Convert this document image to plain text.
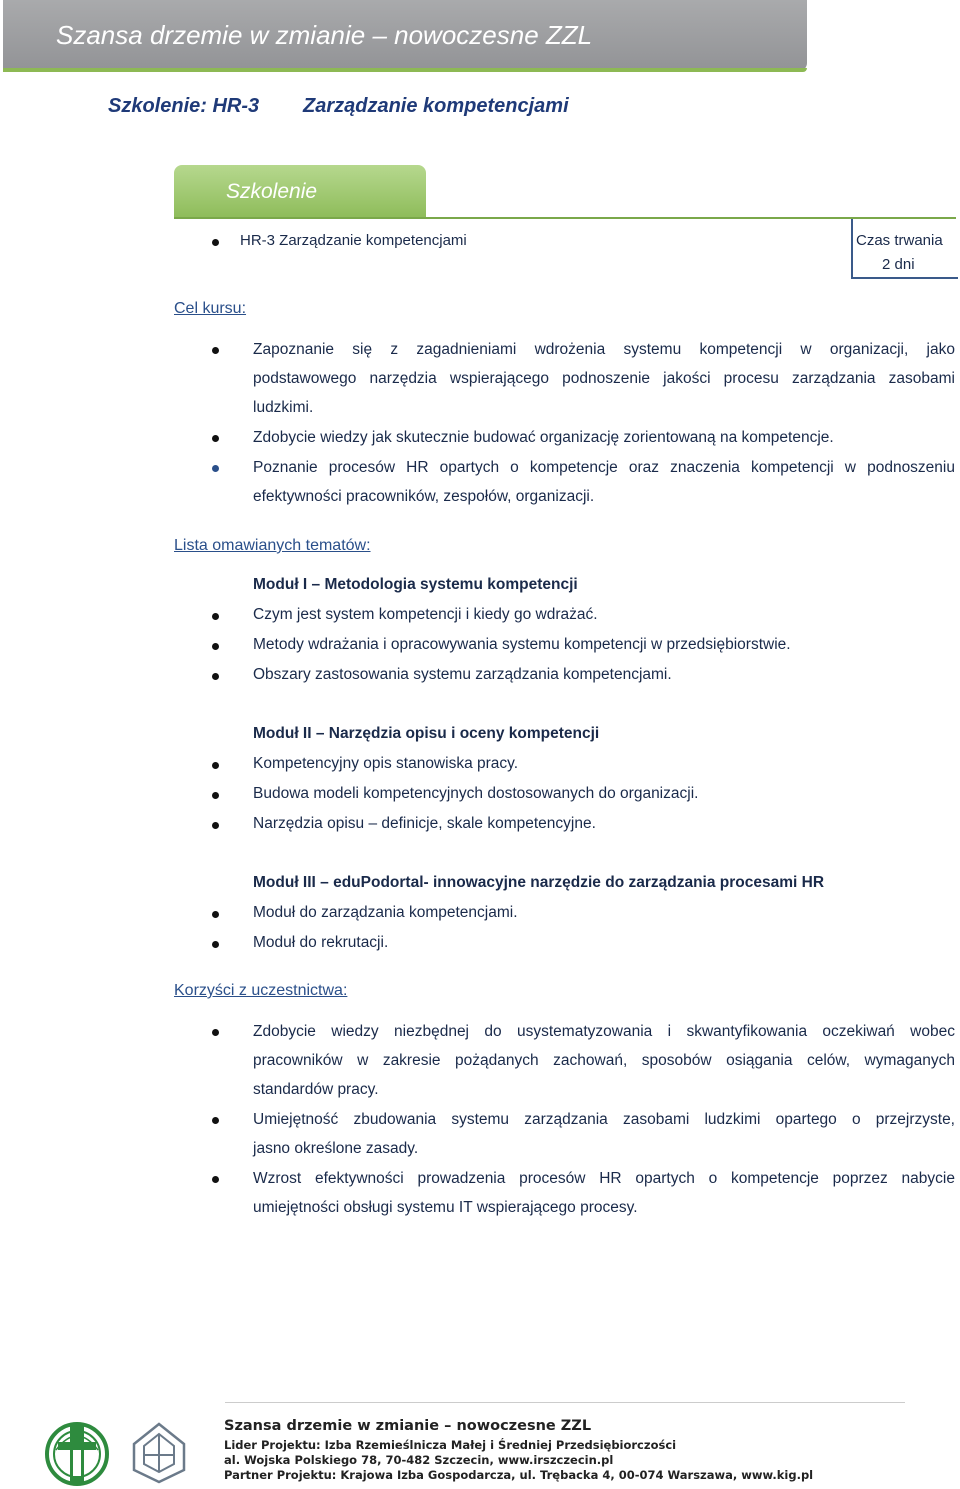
Szansa drzemie w zmianie – nowoczesne ZZL
Szkolenie: HR-3 Zarządzanie kompetencjami
Szkolenie
HR-3 Zarządzanie kompetencjami	Czas trwania
2 dni
Cel kursu:
Zapoznanie się z zagadnieniami wdrożenia systemu kompetencji w organizacji, jako
podstawowego narzędzia wspierającego podnoszenie jakości procesu zarządzania zasobami
ludzkimi.
Zdobycie wiedzy jak skutecznie budować organizację zorientowaną na kompetencje.
Poznanie procesów HR opartych o kompetencje oraz znaczenia kompetencji w podnoszeniu
efektywności pracowników, zespołów, organizacji.
Lista omawianych tematów:
Moduł I – Metodologia systemu kompetencji
Czym jest system kompetencji i kiedy go wdrażać.
Metody wdrażania i opracowywania systemu kompetencji w przedsiębiorstwie.
Obszary zastosowania systemu zarządzania kompetencjami.
Moduł II – Narzędzia opisu i oceny kompetencji
Kompetencyjny opis stanowiska pracy.
Budowa modeli kompetencyjnych dostosowanych do organizacji.
Narzędzia opisu – definicje, skale kompetencyjne.
Moduł III – eduPodortal- innowacyjne narzędzie do zarządzania procesami HR
Moduł do zarządzania kompetencjami.
Moduł do rekrutacji.
Korzyści z uczestnictwa:
Zdobycie wiedzy niezbędnej do usystematyzowania i skwantyfikowania oczekiwań wobec
pracowników w zakresie pożądanych zachowań, sposobów osiągania celów, wymaganych
standardów pracy.
Umiejętność zbudowania systemu zarządzania zasobami ludzkimi opartego o przejrzyste,
jasno określone zasady.
Wzrost efektywności prowadzenia procesów HR opartych o kompetencje poprzez nabycie
umiejętności obsługi systemu IT wspierającego procesy.
Szansa drzemie w zmianie – nowoczesne ZZL
Lider Projektu: Izba Rzemieślnicza Małej i Średniej Przedsiębiorczości
al. Wojska Polskiego 78, 70-482 Szczecin, www.irszczecin.pl
Partner Projektu: Krajowa Izba Gospodarcza, ul. Trębacka 4, 00-074 Warszawa, www.kig.pl
